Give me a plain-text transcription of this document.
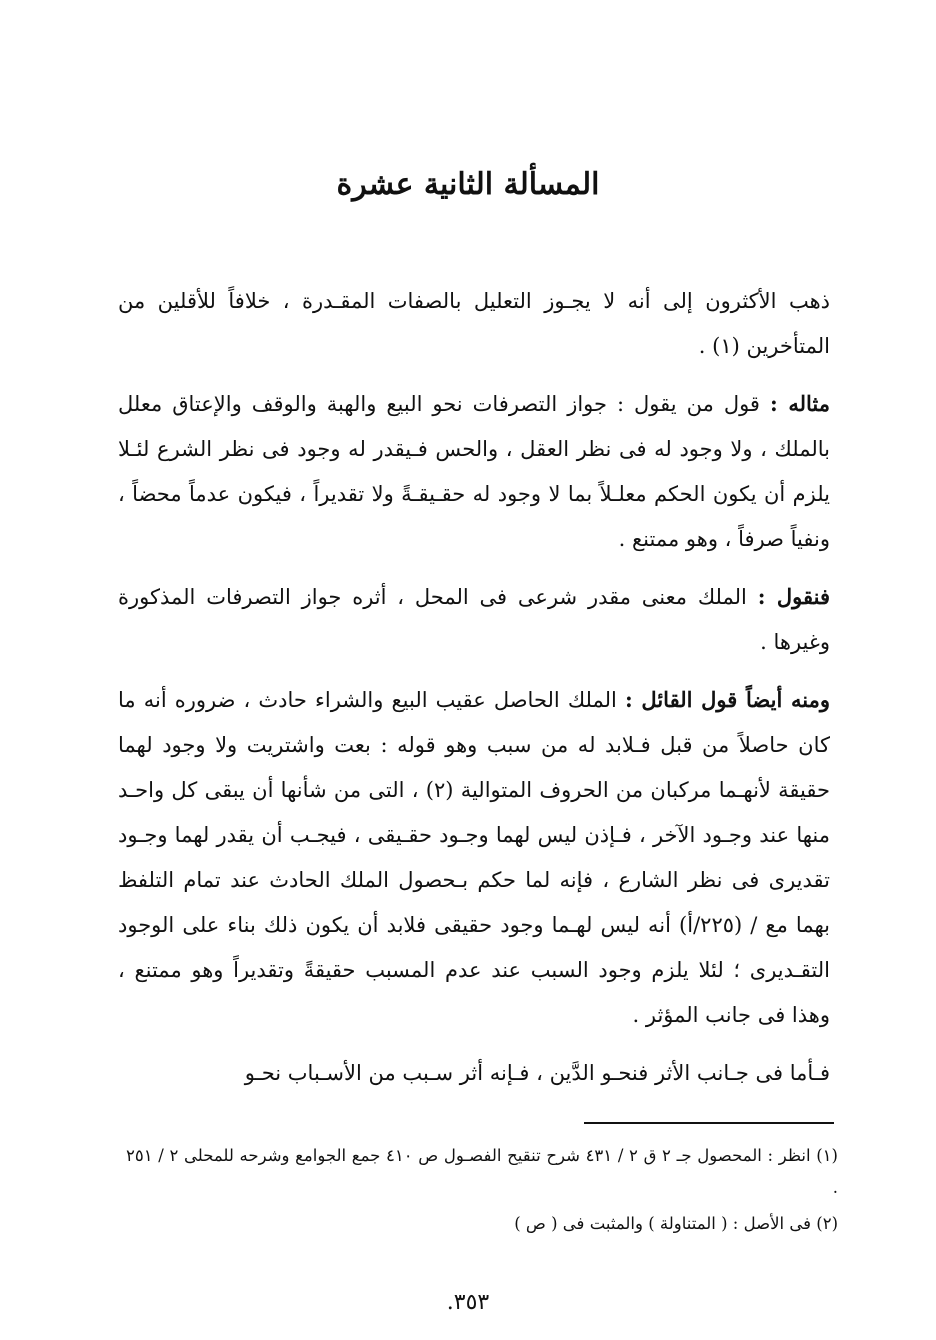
المسألة الثانية عشرة

ذهب الأكثرون إلى أنه لا يجـوز التعليل بالصفات المقـدرة ، خلافاً للأقلين من المتأخرين (١) .

مثاله : قول من يقول : جواز التصرفات نحو البيع والهبة والوقف والإعتاق معلل بالملك ، ولا وجود له فى نظر العقل ، والحس فـيقدر له وجود فى نظر الشرع لئـلا يلزم أن يكون الحكم معلـلاً بما لا وجود له حقـيقـةً ولا تقديراً ، فيكون عدماً محضاً ، ونفياً صرفاً ، وهو ممتنع .

فنقول : الملك معنى مقدر شرعى فى المحل ، أثره جواز التصرفات المذكورة وغيرها .

ومنه أيضاً قول القائل : الملك الحاصل عقيب البيع والشراء حادث ، ضروره أنه ما كان حاصلاً من قبل فـلابد له من سبب وهو قوله : بعت واشتريت ولا وجود لهما حقيقة لأنهـما مركبان من الحروف المتوالية (٢) ، التى من شأنها أن يبقى كل واحـد منها عند وجـود الآخر ، فـإذن ليس لهما وجـود حقـيقى ، فيجـب أن يقدر لهما وجـود تقديرى فى نظر الشارع ، فإنه لما حكم بـحصول الملك الحادث عند تمام التلفظ بهما مع / (٢٢٥/أ) أنه ليس لهـما وجود حقيقى فلابد أن يكون ذلك بناء على الوجود التقـديرى ؛ لئلا يلزم وجود السبب عند عدم المسبب حقيقةً وتقديراً وهو ممتنع ، وهذا فى جانب المؤثر .

فـأما فى جـانب الأثر فنحـو الدَّين ، فـإنه أثر سـبب من الأسـباب نحـو

(١) انظر : المحصول جـ ٢ ق ٢ / ٤٣١ شرح تنقيح الفصـول ص ٤١٠ جمع الجوامع وشرحه للمحلى ٢ / ٢٥١ .

(٢) فى الأصل : ( المتناولة ) والمثبت فى ( ص )

٣٥٣.
